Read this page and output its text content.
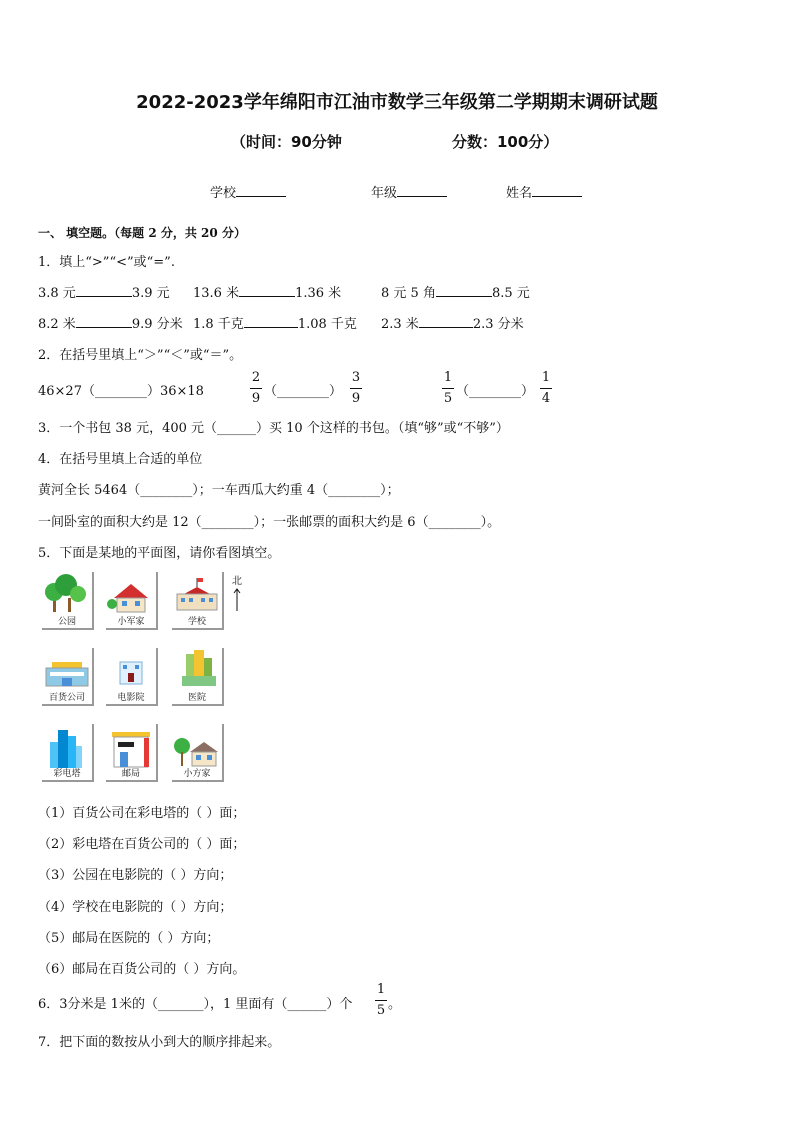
2022-2023学年绵阳市江油市数学三年级第二学期期末调研试题
（时间：90分钟	分数：100分）
学校	年级	姓名
一、 填空题。（每题 2 分，共 20 分）
1．填上“>”“<”或“=”.
3.8 元	3.9 元 13.6 米	1.36 米	8 元 5 角	8.5 元
8.2 米	9.9 分米 1.8 千克	1.08 千克 2.3 米	2.3 分米
2．在括号里填上“＞”“＜”或“＝”。
46×27（________）36×18
2
9 （________）
3
9
1
5 （________）
1
4
3．一个书包 38 元，400 元（______）买 10 个这样的书包。（填“够”或“不够”）
4．在括号里填上合适的单位
黄河全长 5464（________）；一车西瓜大约重 4（________）；
一间卧室的面积大约是 12（________）；一张邮票的面积大约是 6（________）。
5．下面是某地的平面图，请你看图填空。
公园	小军家	学校
百货公司	电影院	医院
彩电塔	邮局	小方家
北
（1）百货公司在彩电塔的（ ）面；
（2）彩电塔在百货公司的（ ）面；
（3）公园在电影院的（ ）方向；
（4）学校在电影院的（ ）方向；
（5）邮局在医院的（ ）方向；
（6）邮局在百货公司的（ ）方向。
6．3分米是 1米的（_______），1 里面有（______）个
1
5 。
7．把下面的数按从小到大的顺序排起来。
